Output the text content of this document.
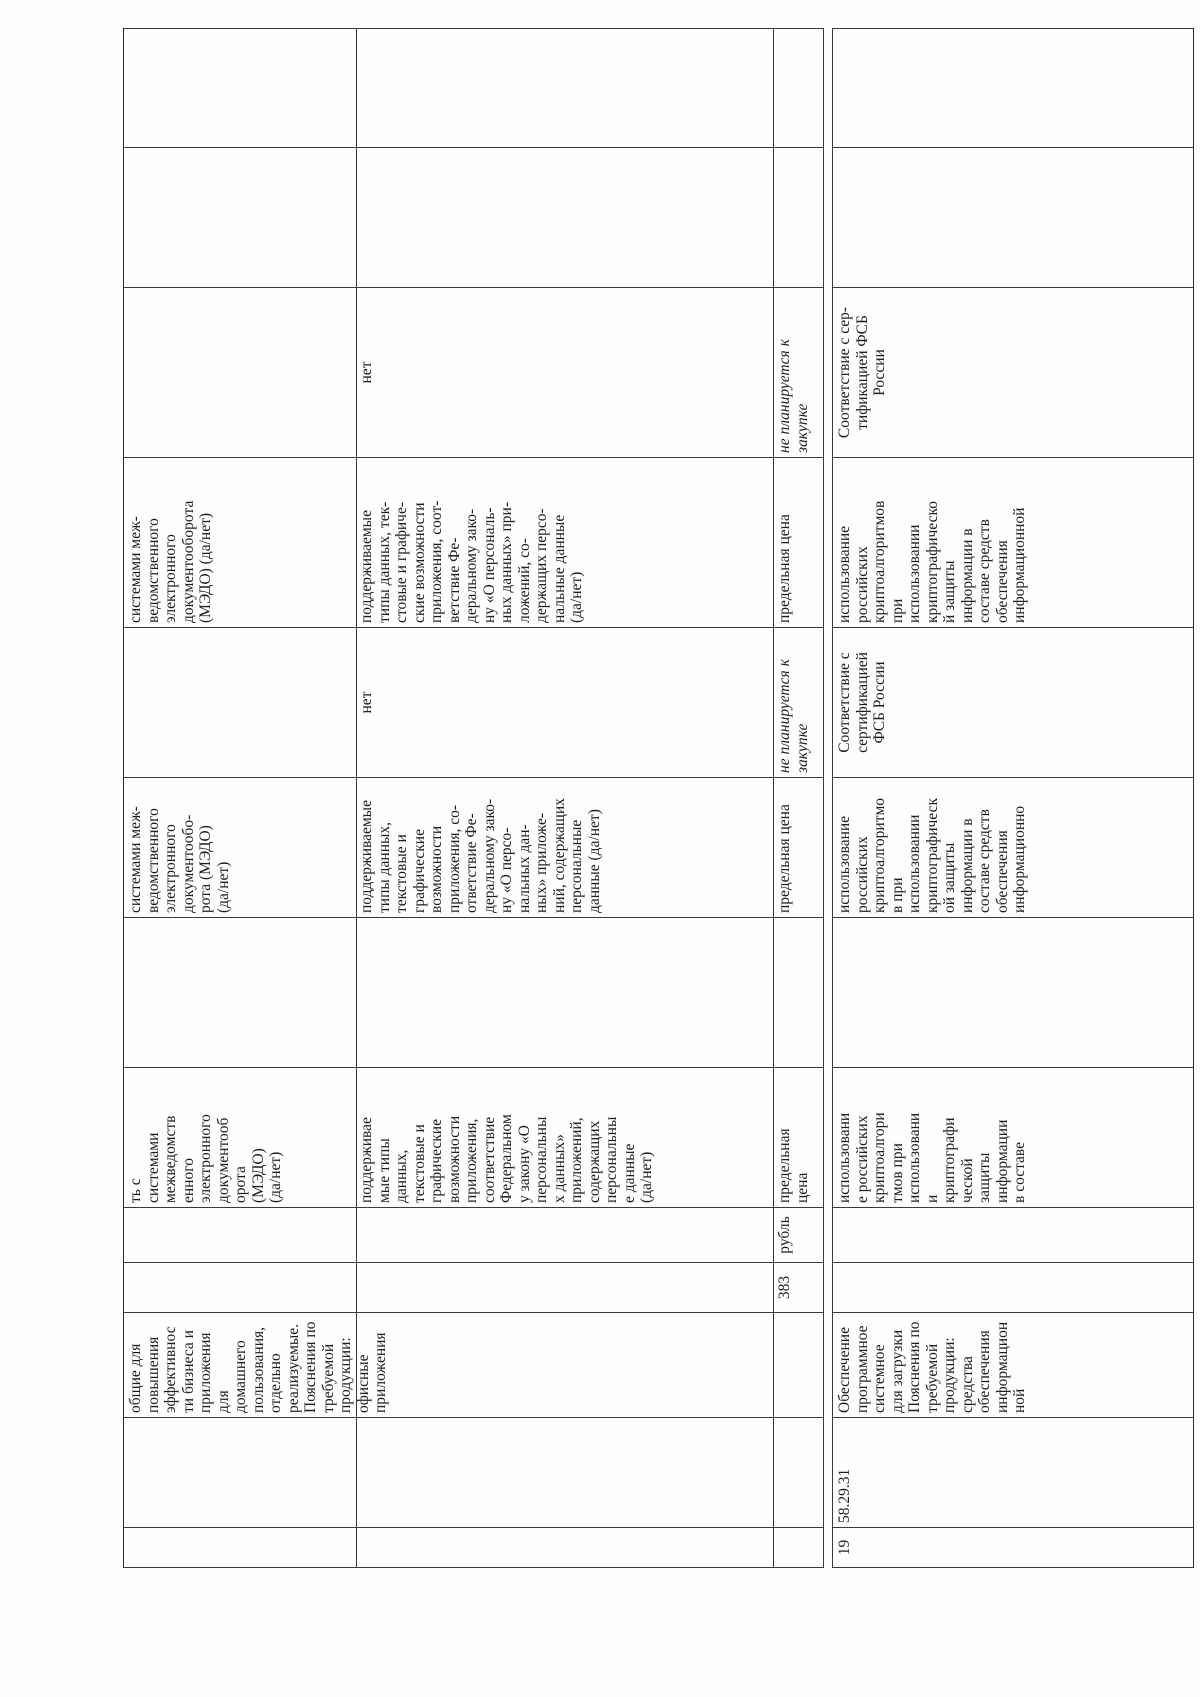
общие для
повышения
эффективнос
ти бизнеса и
приложения
для
домашнего
пользования,
отдельно
реализуемые.
Пояснения по
требуемой
продукции:
офисные
приложения
ть с
системами
межведомств
енного
электронного
документооб
орота
(МЭДО)
(да/нет)
системами меж-
ведомственного
электронного
документообо-
рота (МЭДО)
(да/нет)
системами меж-
ведомственного
электронного
документооборота
(МЭДО) (да/нет)
поддерживае
мые типы
данных,
текстовые и
графические
возможности
приложения,
соответствие
Федеральном
у закону «О
персональны
х данных»
приложений,
содержащих
персональны
е данные
(да/нет)
поддерживаемые
типы данных,
текстовые и
графические
возможности
приложения, со-
ответствие Фе-
деральному зако-
ну «О персо-
нальных дан-
ных» приложе-
ний, содержащих
персональные
данные (да/нет)
нет
поддерживаемые
типы данных, тек-
стовые и графиче-
ские возможности
приложения, соот-
ветствие Фе-
деральному зако-
ну «О персональ-
ных данных» при-
ложений, со-
держащих персо-
нальные данные
(да/нет)
нет
383
рубль
предельная
цена
предельная цена
не планируется к
закупке
предельная цена
не планируется к
закупке
19
58.29.31
Обеспечение
программное
системное
для загрузки
Пояснения по
требуемой
продукции:
средства
обеспечения
информацион
ной
использовани
е российских
криптоалгори
тмов при
использовани
и
криптографи
ческой
защиты
информации
в составе
использование
российских
криптоалгоритмо
в при
использовании
криптографическ
ой защиты
информации в
составе средств
обеспечения
информационно
Соответствие с
сертификацией
ФСБ России
использование
российских
криптоалгоритмов
при
использовании
криптографическо
й защиты
информации в
составе средств
обеспечения
информационной
Соответствие с сер-
тификацией ФСБ
России
